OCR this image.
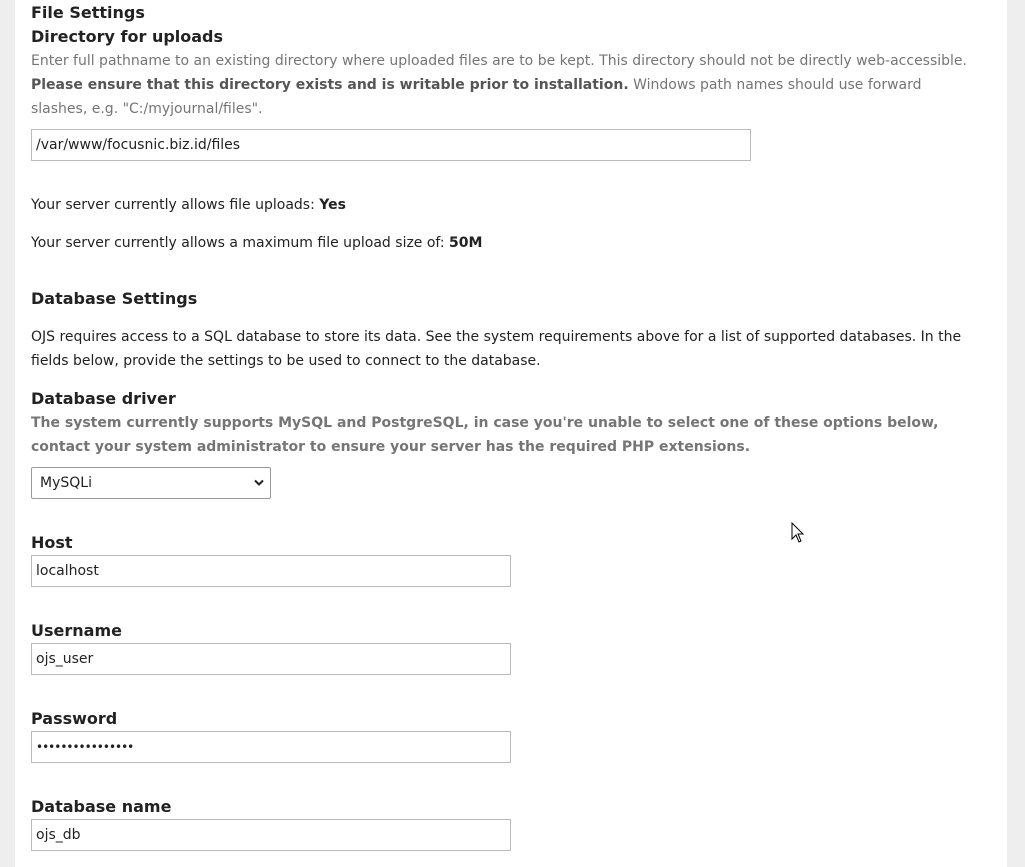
File Settings
Directory for uploads
Enter full pathname to an existing directory where uploaded files are to be kept. This directory should not be directly web-accessible. Please ensure that this directory exists and is writable prior to installation. Windows path names should use forward slashes, e.g. "C:/myjournal/files".
/var/www/focusnic.biz.id/files
Your server currently allows file uploads: Yes
Your server currently allows a maximum file upload size of: 50M
Database Settings
OJS requires access to a SQL database to store its data. See the system requirements above for a list of supported databases. In the fields below, provide the settings to be used to connect to the database.
Database driver
The system currently supports MySQL and PostgreSQL, in case you're unable to select one of these options below, contact your system administrator to ensure your server has the required PHP extensions.
MySQLi
Host
localhost
Username
ojs_user
Password
••••••••••••••••
Database name
ojs_db
